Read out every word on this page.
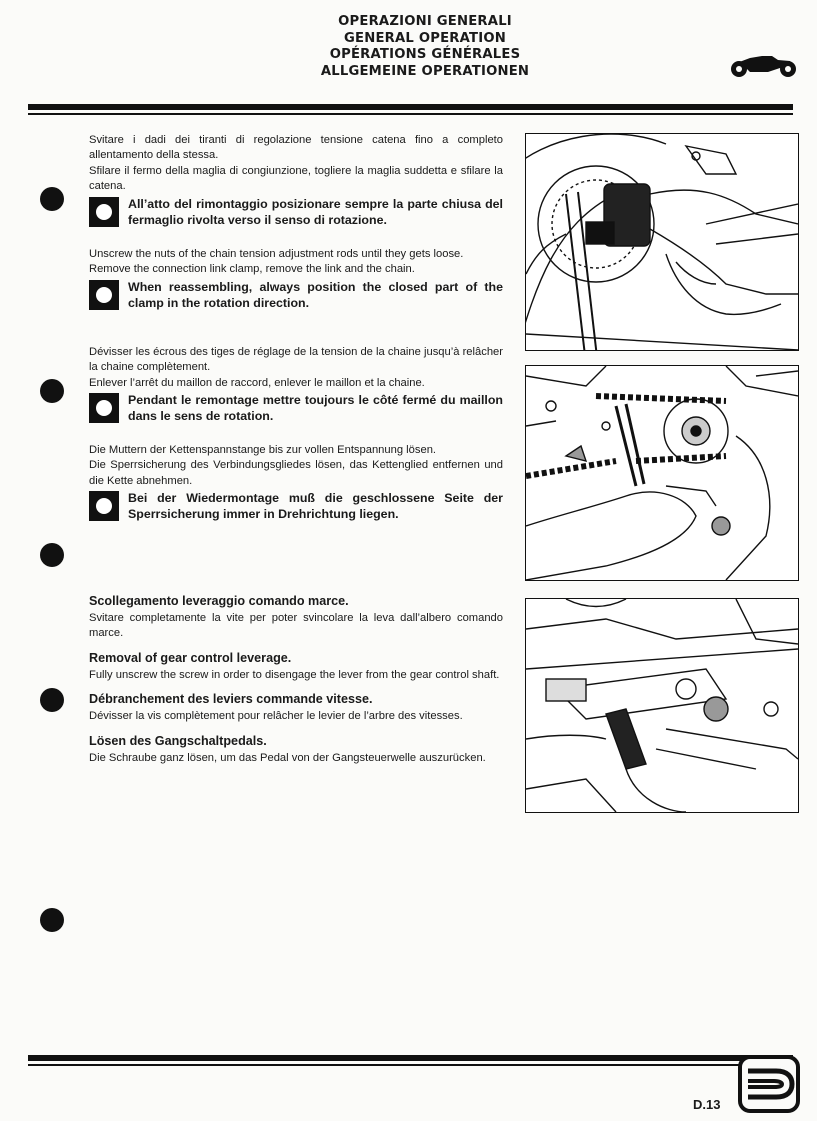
OPERAZIONI GENERALI
GENERAL OPERATION
OPÉRATIONS GÉNÉRALES
ALLGEMEINE OPERATIONEN

Svitare i dadi dei tiranti di regolazione tensione catena fino a completo allentamento della stessa.

Sfilare il fermo della maglia di congiunzione, togliere la maglia suddetta e sfilare la catena.

All’atto del rimontaggio posizionare sempre la parte chiusa del fermaglio rivolta verso il senso di rotazione.

Unscrew the nuts of the chain tension adjustment rods until they gets loose.

Remove the connection link clamp, remove the link and the chain.

When reassembling, always position the closed part of the clamp in the rotation direction.

Dévisser les écrous des tiges de réglage de la tension de la chaine jusqu’à relâcher la chaine complètement.

Enlever l’arrêt du maillon de raccord, enlever le maillon et la chaine.

Pendant le remontage mettre toujours le côté fermé du maillon dans le sens de rotation.

Die Muttern der Kettenspannstange bis zur vollen Entspannung lösen.

Die Sperrsicherung des Verbindungsgliedes lösen, das Kettenglied entfernen und die Kette abnehmen.

Bei der Wiedermontage muß die geschlossene Seite der Sperrsicherung immer in Drehrichtung liegen.
Scollegamento leveraggio comando marce.

Svitare completamente la vite per poter svincolare la leva dall’albero comando marce.

Removal of gear control leverage.

Fully unscrew the screw in order to disengage the lever from the gear control shaft.

Débranchement des leviers commande vitesse.

Dévisser la vis complètement pour relâcher le levier de l’arbre des vitesses.

Lösen des Gangschaltpedals.

Die Schraube ganz lösen, um das Pedal von der Gangsteuerwelle auszurücken.

D.13
